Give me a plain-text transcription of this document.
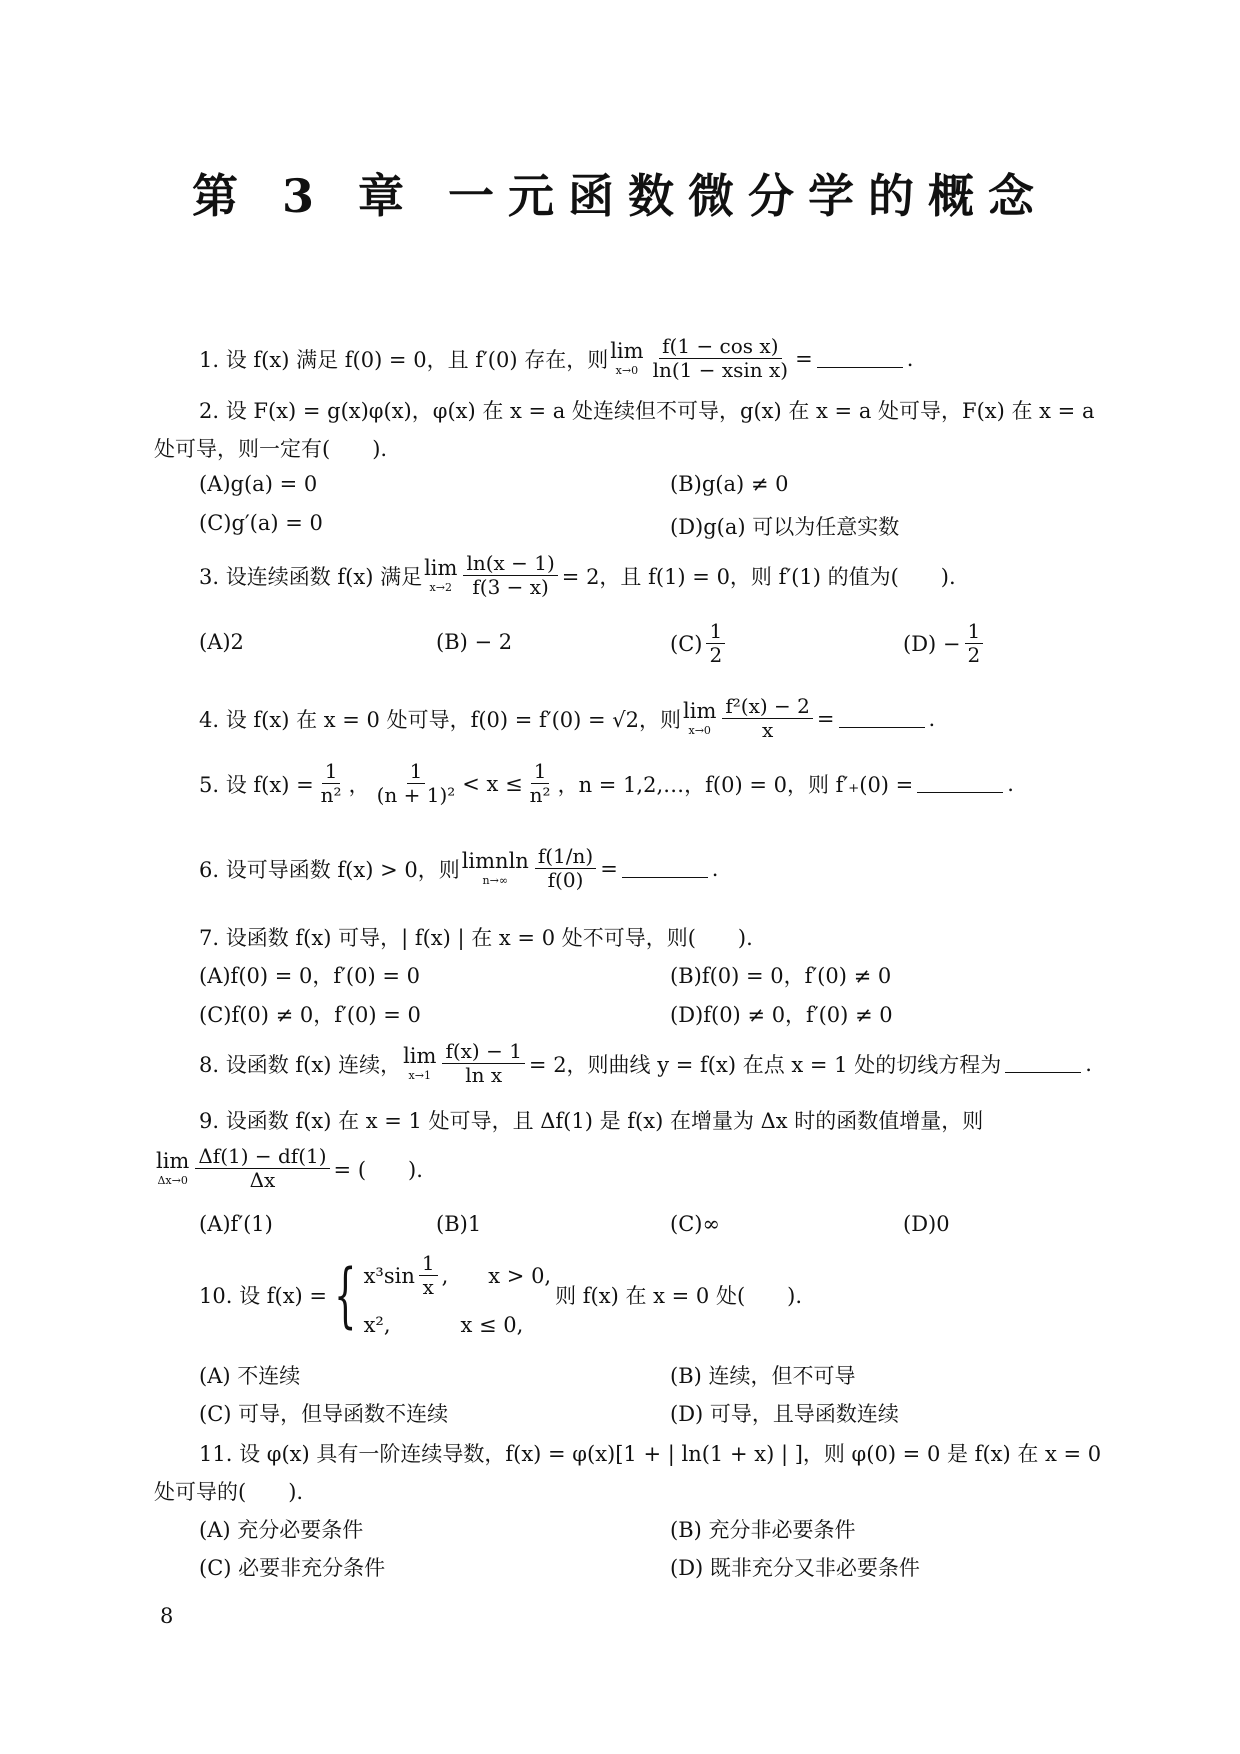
第 3 章 一元函数微分学的概念
1. 设 f(x) 满足 f(0) = 0，且 f′(0) 存在，则 lim
$x\to 0 \frac{\text{f(1 − cos x)}}{\text{ln(1 − xsin x)}}$ =	.
2. 设 F(x) = g(x)φ(x)，φ(x) 在 x = a 处连续但不可导，g(x) 在 x = a 处可导，F(x) 在 x = a
处可导，则一定有(　　).
(A)g(a) = 0	(B)g(a) ≠ 0
(C)g′(a) = 0	(D)g(a) 可以为任意实数
3. 设连续函数 f(x) 满足 lim
$x\to 2 \frac{\ln(x - 1)}{f(3 - x)} = 2$，且 f(1) = 0，则 f′(1) 的值为(　　).
(A)2	(B) − 2	$(C) \frac{1}{2}$	$(D) - \frac{1}{2}$
4. 设 f(x) 在 x = 0 处可导，f(0) = f′(0) = √2，则 lim
$x\to 0 \frac{\text{f²(x) − 2}}{x}$ =	.
5. 设 $f(x) = \frac{1}{\text{n²}}$ ， $\frac{1}{\text{(n + 1)²}} < x \le \frac{1}{\text{n²}}$ ，n = 1,2,…，f(0) = 0，则 f′₊(0) =	.
6. 设可导函数 f(x) > 0，则 limnln
$n\to\infty \frac{f(1/n)}{f(0)}$ =	.
7. 设函数 f(x) 可导，| f(x) | 在 x = 0 处不可导，则(　　).
(A)f(0) = 0，f′(0) = 0	(B)f(0) = 0，f′(0) ≠ 0
(C)f(0) ≠ 0，f′(0) = 0	(D)f(0) ≠ 0，f′(0) ≠ 0
8. 设函数 f(x) 连续， lim
$x\to 1 \frac{f(x) - 1}{\text{ln x}} = 2$，则曲线 y = f(x) 在点 x = 1 处的切线方程为	.
9. 设函数 f(x) 在 x = 1 处可导，且 Δf(1) 是 f(x) 在增量为 Δx 时的函数值增量，则
lim
$\Delta x\to 0 \frac{\Delta f(1) - df(1)}{\Delta x}$ = (　　).
(A)f′(1)	(B)1	(C)∞	(D)0
10. 设 f(x) = { $x^3\sin \frac{1}{x}$ , x > 0,
x²,	x ≤ 0,
则 f(x) 在 x = 0 处(　　).
(A) 不连续	(B) 连续，但不可导
(C) 可导，但导函数不连续	(D) 可导，且导函数连续
11. 设 φ(x) 具有一阶连续导数，f(x) = φ(x)[1 + | ln(1 + x) | ]，则 φ(0) = 0 是 f(x) 在 x = 0
处可导的(　　).
(A) 充分必要条件	(B) 充分非必要条件
(C) 必要非充分条件	(D) 既非充分又非必要条件
8
